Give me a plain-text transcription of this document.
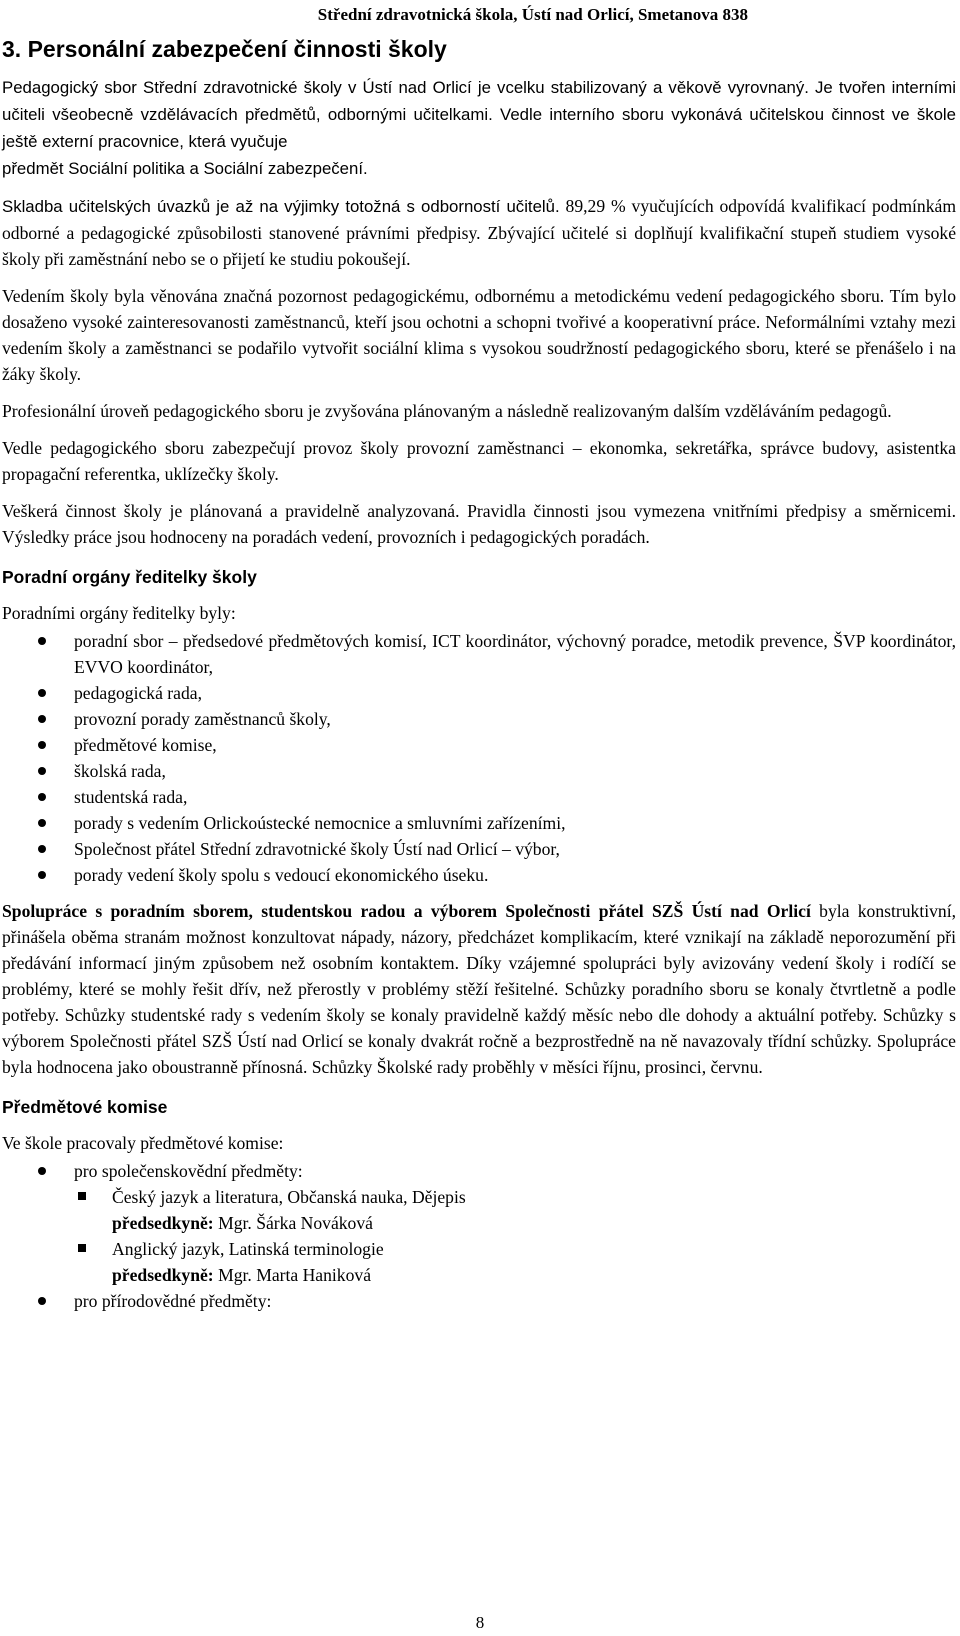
Střední zdravotnická škola, Ústí nad Orlicí, Smetanova 838
3. Personální zabezpečení činnosti školy

Pedagogický sbor Střední zdravotnické školy v Ústí nad Orlicí je vcelku stabilizovaný a věkově vyrovnaný. Je tvořen interními učiteli všeobecně vzdělávacích předmětů, odbornými učitelkami. Vedle interního sboru vykonává učitelskou činnost ve škole ještě externí pracovnice, která vyučuje
předmět Sociální politika a Sociální zabezpečení.

Skladba učitelských úvazků je až na výjimky totožná s odborností učitelů. 89,29 % vyučujících odpovídá kvalifikací podmínkám odborné a pedagogické způsobilosti stanovené právními předpisy. Zbývající učitelé si doplňují kvalifikační stupeň studiem vysoké školy při zaměstnání nebo se o přijetí ke studiu pokoušejí.

Vedením školy byla věnována značná pozornost pedagogickému, odbornému a metodickému vedení pedagogického sboru. Tím bylo dosaženo vysoké zainteresovanosti zaměstnanců, kteří jsou ochotni a schopni tvořivé a kooperativní práce. Neformálními vztahy mezi vedením školy a zaměstnanci se podařilo vytvořit sociální klima s vysokou soudržností pedagogického sboru, které se přenášelo i na žáky školy.

Profesionální úroveň pedagogického sboru je zvyšována plánovaným a následně realizovaným dalším vzděláváním pedagogů.

Vedle pedagogického sboru zabezpečují provoz školy provozní zaměstnanci – ekonomka, sekretářka, správce budovy, asistentka propagační referentka, uklízečky školy.

Veškerá činnost školy je plánovaná a pravidelně analyzovaná. Pravidla činnosti jsou vymezena vnitřními předpisy a směrnicemi. Výsledky práce jsou hodnoceny na poradách vedení, provozních i pedagogických poradách.

Poradní orgány ředitelky školy
Poradními orgány ředitelky byly:
poradní sbor – předsedové předmětových komisí, ICT koordinátor, výchovný poradce, metodik prevence, ŠVP koordinátor, EVVO koordinátor,
pedagogická rada,
provozní porady zaměstnanců školy,
předmětové komise,
školská rada,
studentská rada,
porady s vedením Orlickoústecké nemocnice a smluvními zařízeními,
Společnost přátel Střední zdravotnické školy Ústí nad Orlicí – výbor,
porady vedení školy spolu s vedoucí ekonomického úseku.

Spolupráce s poradním sborem, studentskou radou a výborem Společnosti přátel SZŠ Ústí nad Orlicí byla konstruktivní, přinášela oběma stranám možnost konzultovat nápady, názory, předcházet komplikacím, které vznikají na základě neporozumění při předávání informací jiným způsobem než osobním kontaktem. Díky vzájemné spolupráci byly avizovány vedení školy i rodíčí se problémy, které se mohly řešit dřív, než přerostly v problémy stěží řešitelné. Schůzky poradního sboru se konaly čtvrtletně a podle potřeby. Schůzky studentské rady s vedením školy se konaly pravidelně každý měsíc nebo dle dohody a aktuální potřeby. Schůzky s výborem Společnosti přátel SZŠ Ústí nad Orlicí se konaly dvakrát ročně a bezprostředně na ně navazovaly třídní schůzky. Spolupráce byla hodnocena jako oboustranně přínosná. Schůzky Školské rady proběhly v měsíci říjnu, prosinci, červnu.

Předmětové komise
Ve škole pracovaly předmětové komise:
pro společenskovědní předměty:
Český jazyk a literatura, Občanská nauka, Dějepis
předsedkyně: Mgr. Šárka Nováková
Anglický jazyk, Latinská terminologie
předsedkyně: Mgr. Marta Haniková
pro přírodovědné předměty:
8
